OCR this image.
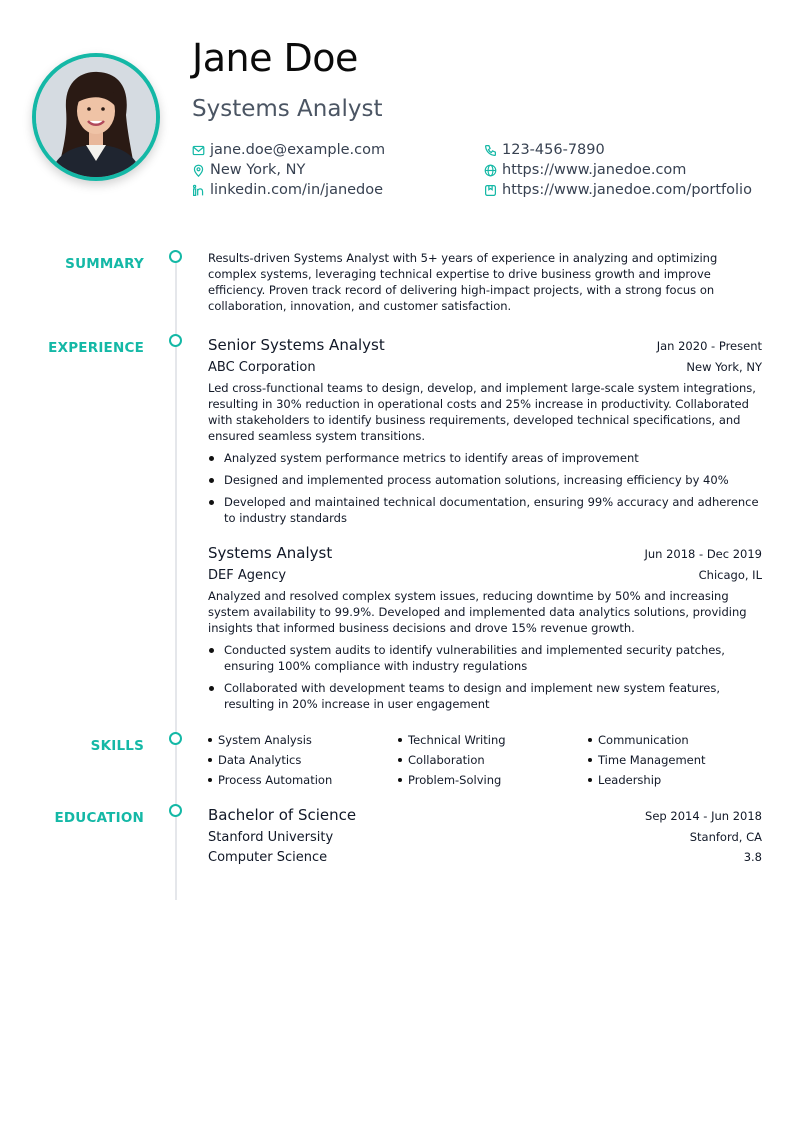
Jane Doe
Systems Analyst
jane.doe@example.com	123-456-7890
New York, NY	https://www.janedoe.com
linkedin.com/in/janedoe	https://www.janedoe.com/portfolio
SUMMARY	Results-driven Systems Analyst with 5+ years of experience in analyzing and optimizing complex systems, leveraging technical expertise to drive business growth and improve efficiency. Proven track record of delivering high-impact projects, with a strong focus on collaboration, innovation, and customer satisfaction.

EXPERIENCE	Senior Systems Analyst	Jan 2020 - Present
ABC Corporation	New York, NY

Led cross-functional teams to design, develop, and implement large-scale system integrations, resulting in 30% reduction in operational costs and 25% increase in productivity. Collaborated with stakeholders to identify business requirements, developed technical specifications, and ensured seamless system transitions.

Analyzed system performance metrics to identify areas of improvement
Designed and implemented process automation solutions, increasing efficiency by 40%
Developed and maintained technical documentation, ensuring 99% accuracy and adherence to industry standards
Systems Analyst	Jun 2018 - Dec 2019
DEF Agency	Chicago, IL

Analyzed and resolved complex system issues, reducing downtime by 50% and increasing system availability to 99.9%. Developed and implemented data analytics solutions, providing insights that informed business decisions and drove 15% revenue growth.

Conducted system audits to identify vulnerabilities and implemented security patches, ensuring 100% compliance with industry regulations
Collaborated with development teams to design and implement new system features, resulting in 20% increase in user engagement
SKILLS	System Analysis	Technical Writing	Communication
Data Analytics	Collaboration	Time Management
Process Automation	Problem-Solving	Leadership
EDUCATION	Bachelor of Science	Sep 2014 - Jun 2018
Stanford University	Stanford, CA
Computer Science	3.8
